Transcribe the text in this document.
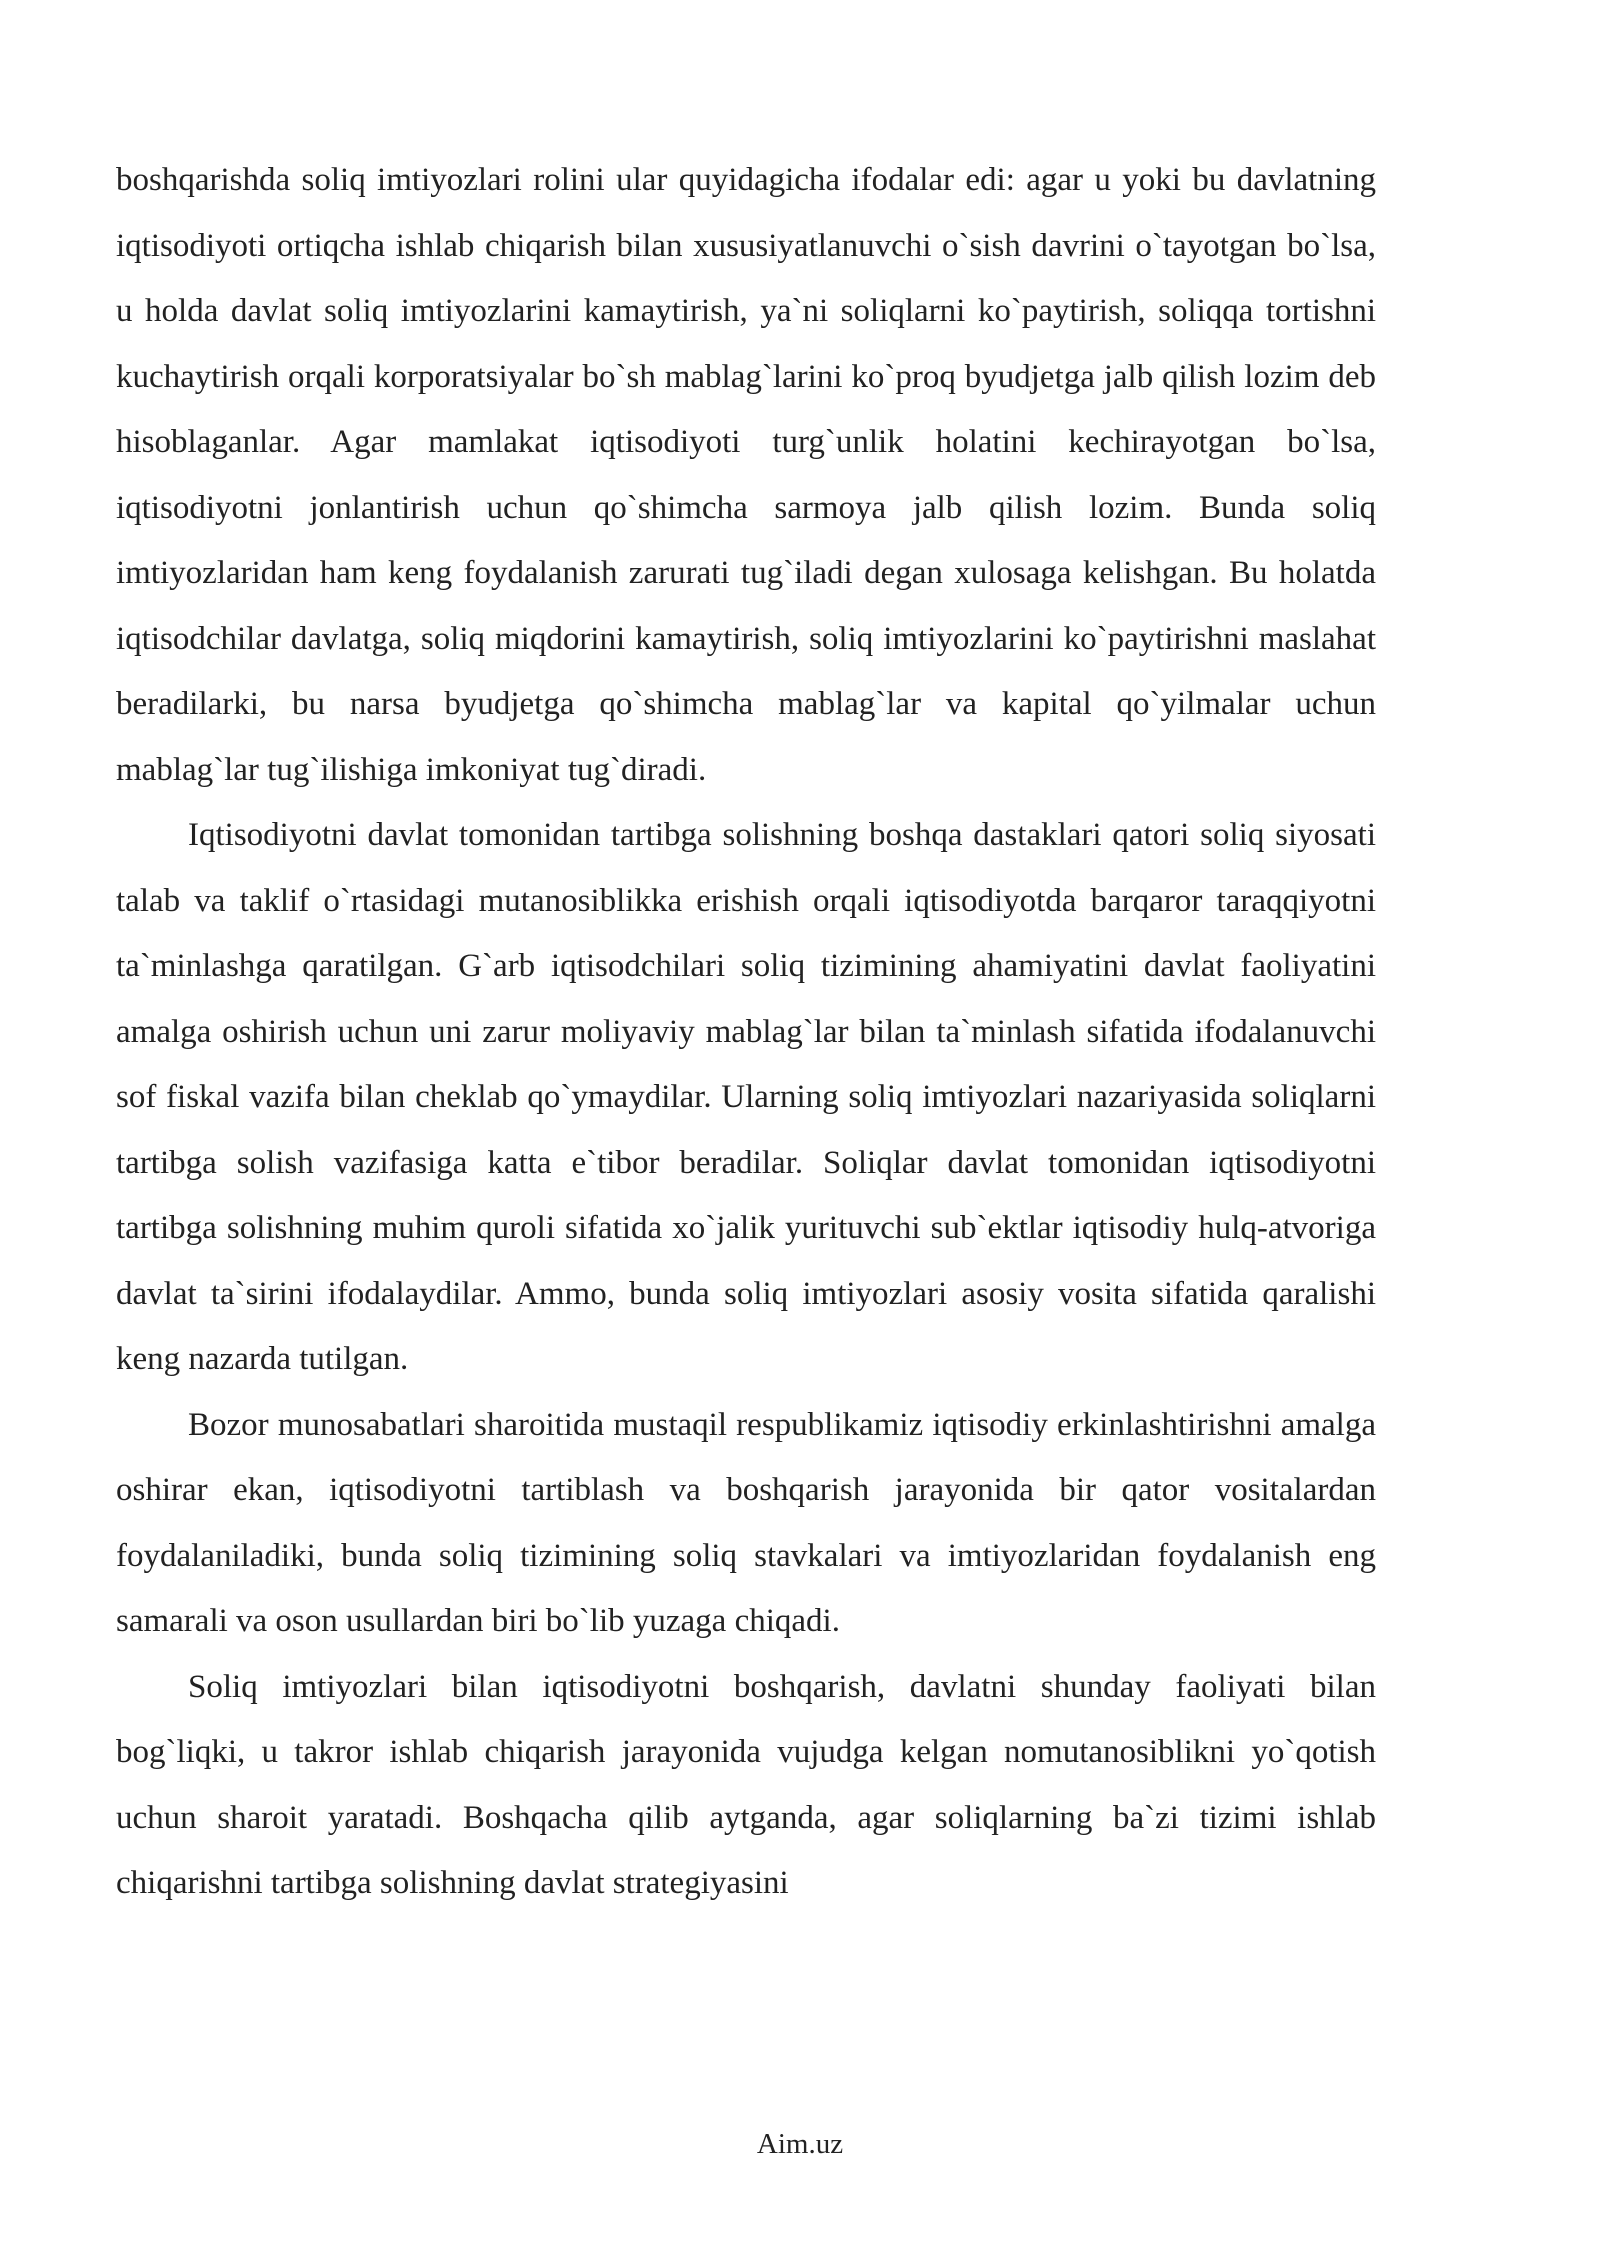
boshqarishda soliq imtiyozlari rolini ular quyidagicha ifodalar edi: agar u yoki bu davlatning iqtisodiyoti ortiqcha ishlab chiqarish bilan xususiyatlanuvchi o`sish davrini o`tayotgan bo`lsa, u holda davlat soliq imtiyozlarini kamaytirish, ya`ni soliqlarni ko`paytirish, soliqqa tortishni kuchaytirish orqali korporatsiyalar bo`sh mablag`larini ko`proq byudjetga jalb qilish lozim deb hisoblaganlar. Agar mamlakat iqtisodiyoti turg`unlik holatini kechirayotgan bo`lsa, iqtisodiyotni jonlantirish uchun qo`shimcha sarmoya jalb qilish lozim. Bunda soliq imtiyozlaridan ham keng foydalanish zarurati tug`iladi degan xulosaga kelishgan. Bu holatda iqtisodchilar davlatga, soliq miqdorini kamaytirish, soliq imtiyozlarini ko`paytirishni maslahat beradilarki, bu narsa byudjetga qo`shimcha mablag`lar va kapital qo`yilmalar uchun mablag`lar tug`ilishiga imkoniyat tug`diradi.

Iqtisodiyotni davlat tomonidan tartibga solishning boshqa dastaklari qatori soliq siyosati talab va taklif o`rtasidagi mutanosiblikka erishish orqali iqtisodiyotda barqaror taraqqiyotni ta`minlashga qaratilgan. G`arb iqtisodchilari soliq tizimining ahamiyatini davlat faoliyatini amalga oshirish uchun uni zarur moliyaviy mablag`lar bilan ta`minlash sifatida ifodalanuvchi sof fiskal vazifa bilan cheklab qo`ymaydilar. Ularning soliq imtiyozlari nazariyasida soliqlarni tartibga solish vazifasiga katta e`tibor beradilar. Soliqlar davlat tomonidan iqtisodiyotni tartibga solishning muhim quroli sifatida xo`jalik yurituvchi sub`ektlar iqtisodiy hulq-atvoriga davlat ta`sirini ifodalaydilar. Ammo, bunda soliq imtiyozlari asosiy vosita sifatida qaralishi keng nazarda tutilgan.

Bozor munosabatlari sharoitida mustaqil respublikamiz iqtisodiy erkinlashtirishni amalga oshirar ekan, iqtisodiyotni tartiblash va boshqarish jarayonida bir qator vositalardan foydalaniladiki, bunda soliq tizimining soliq stavkalari va imtiyozlaridan foydalanish eng samarali va oson usullardan biri bo`lib yuzaga chiqadi.

Soliq imtiyozlari bilan iqtisodiyotni boshqarish, davlatni shunday faoliyati bilan bog`liqki, u takror ishlab chiqarish jarayonida vujudga kelgan nomutanosiblikni yo`qotish uchun sharoit yaratadi. Boshqacha qilib aytganda, agar soliqlarning ba`zi tizimi ishlab chiqarishni tartibga solishning davlat strategiyasini

Aim.uz
